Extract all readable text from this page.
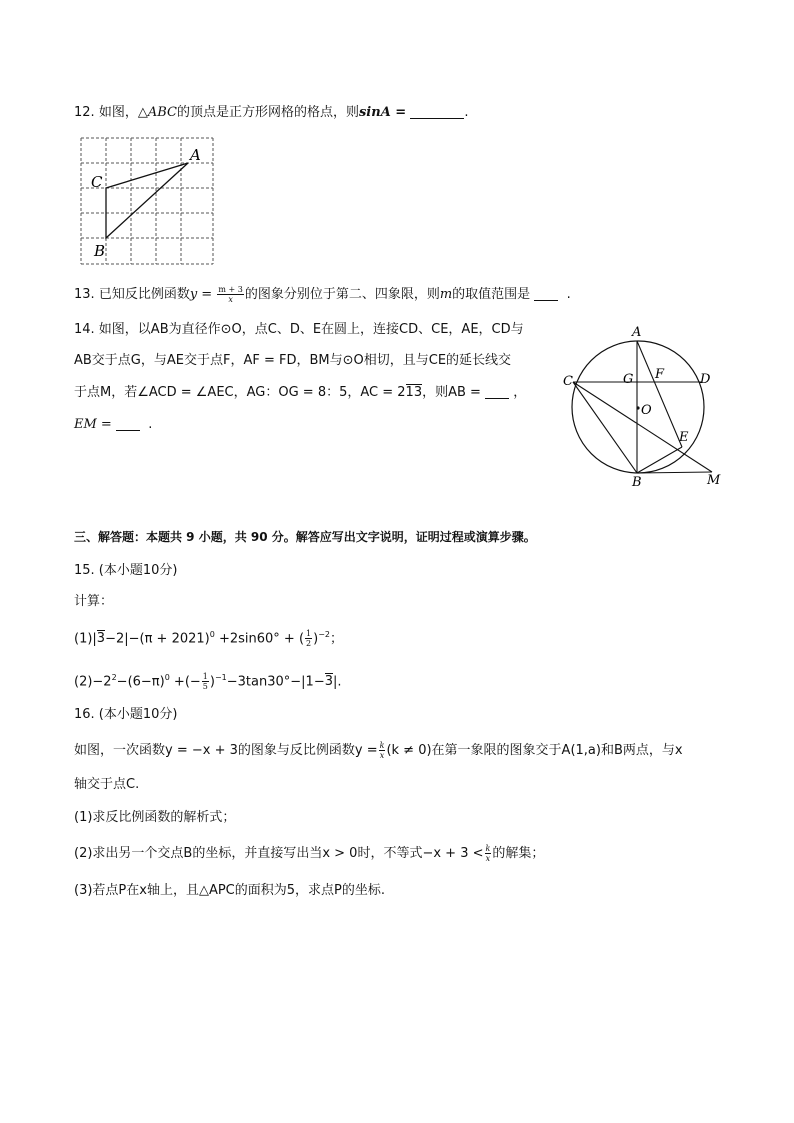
12. 如图，△ABC的顶点是正方形网格的格点，则sinA =	.
A
C
B
13. 已知反比例函数$y = \frac{m + 3}{x}$ 的图象分别位于第二、四象限，则m的取值范围是	.
14. 如图，以AB为直径作⊙O，点C、D、E在圆上，连接CD、CE，AE，CD与
AB交于点G，与AE交于点F，AF = FD，BM与⊙O相切，且与CE的延长线交
于点M，若∠ACD = ∠AEC，AG：OG = 8：5，AC = 213，则AB = ，
EM =	.
A
B
C	D
E
F
G
O
M
三、解答题：本题共 9 小题，共 90 分。解答应写出文字说明，证明过程或演算步骤。
15. (本小题10分)
计算：
$(1)|3-2|-(\pi + 2021)^0 +2\sin 60^\circ$ + ( $\frac{1}{2} )^{-2}$；
$(2)-2^2-(6-\pi)^0$ +(− $\frac{1}{5} )^{-1}-3\tan 30^\circ-|1-3|$.
16. (本小题10分)
如图，一次函数y = −x + 3的图象与反比例函数$y = \frac{k}{x} (k \ne 0)$在第一象限的图象交于A(1,a)和B两点，与x
轴交于点C.
(1)求反比例函数的解析式；
(2)求出另一个交点B的坐标，并直接写出当x > 0时，不等式$-x + 3 < \frac{k}{x}$ 的解集；
(3)若点P在x轴上，且△APC的面积为5，求点P的坐标.
